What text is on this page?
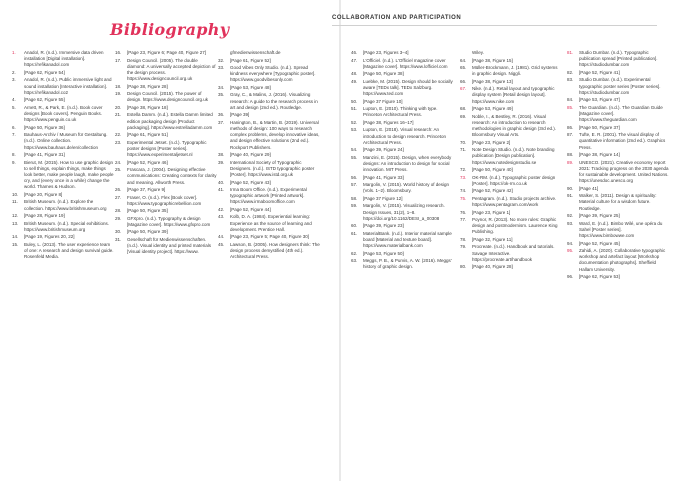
Bibliography
COLLABORATION AND PARTICIPATION
1.	Anadol, R. (n.d.). Immersive data driven installation [Digital installation]. https://refikanadol.com
2.	[Page 62, Figure 54]
3.	Anadol, R. (n.d.). Public immersive light and sound installation [Interactive installation]. https://refikanadol.co2
4.	[Page 62, Figure 55]
5.	Arnett, R., & Park, E. (n.d.). Book cover designs [Book covers]. Penguin Books. https://www.penguin.co.uk
6.	[Page 50, Figure 36]
7.	Bauhaus-Archiv / Museum für Gestaltung. (n.d.). Online collection. https://www.bauhaus.de/en/collection
8.	[Page 41, Figure 31]
9.	Bierut, M. (2015). How to use graphic design to sell things, explain things, make things look better, make people laugh, make people cry, and (every once in a while) change the world. Thames & Hudson.
10.	[Page 20, Figure 8]
11.	British Museum. (n.d.). Explore the collection. https://www.britishmuseum.org
12.	[Page 28, Figure 19]
13.	British Museum. (n.d.). Special exhibitions. https://www.britishmuseum.org
14.	[Page 19, Figures 20, 22]
15.	Buley, L. (2013). The user experience team of one: A research and design survival guide. Rosenfeld Media.
16.	[Page 23, Figure 6; Page 40, Figure 27]
17.	Design Council. (2005). The double diamond: A universally accepted depiction of the design process. https://www.designcouncil.org.uk
18.	[Page 38, Figure 28]
19.	Design Council. (2015). The power of design. https://www.designcouncil.org.uk
20.	[Page 38, Figure 18]
21.	Estella Damm. (n.d.). Estella Damm limited edition packaging design [Product packaging]. https://www.estrelladamm.com
22.	[Page 61, Figure 51]
23.	Experimental Jetset. (n.d.). Typographic poster designs [Poster series]. https://www.experimentaljetset.nl
24.	[Page 52, Figure 46]
25.	Frascara, J. (2004). Designing effective communications: Creating contexts for clarity and meaning. Allworth Press.
26.	[Page 37, Figure 9]
27.	Fraser, O. (n.d.). Flex [Book cover]. https://www.typographicrebellion.com
28.	[Page 50, Figure 35]
29.	GFXpro. (n.d.). Typography & design [Magazine cover]. https://www.gfxpro.com
30.	[Page 50, Figure 39]
31.	Gesellschaft für Medienwissenschaften. (n.d.). Visual identity and printed materials [Visual identity project]. https://www.
gfmedienwissenschaft.de
32.	[Page 61, Figure 52]
33.	Good Vibes Only Studio. (n.d.). Spread kindness everywhere [Typographic poster]. https://www.goodvibesonly.com
34.	[Page 53, Figure 48]
35.	Gray, C., & Malins, J. (2016). Visualizing research: A guide to the research process in art and design (2nd ed.). Routledge.
36.	[Page 39]
37.	Hanington, B., & Martin, B. (2019). Universal methods of design: 100 ways to research complex problems, develop innovative ideas, and design effective solutions (2nd ed.). Rockport Publishers.
38.	[Page 40, Figure 29]
39.	International Society of Typographic Designers. (n.d.). ISTD typographic poster [Poster]. https://www.istd.org.uk
40.	[Page 52, Figure 43]
41.	Irma Boom Office. (n.d.). Experimental typographic artwork [Printed artwork]. https://www.irmaboomoffice.com
42.	[Page 52, Figure 44]
43.	Kolb, D. A. (1984). Experiential learning: Experience as the source of learning and development. Prentice Hall.
44.	[Page 23, Figure 5; Page 40, Figure 30]
45.	Lawson, B. (2005). How designers think: The design process demystified (4th ed.). Architectural Press.
46.	[Page 23, Figures 3–4]
47.	L'Officiel. (n.d.). L'Officiel magazine cover [Magazine cover]. https://www.lofficiel.com
48.	[Page 50, Figure 38]
49.	Luebke, M. (2015). Design should be socially aware [TEDx talk]. TEDx Salzburg. https://www.ted.com
50.	[Page 37 Figure 10]
51.	Lupton, E. (2010). Thinking with type. Princeton Architectural Press.
52.	[Page 38, Figures 16–17]
53.	Lupton, E. (2018). Visual research: An introduction to design research. Princeton Architectural Press.
54.	[Page 39, Figure 24]
55.	Manzini, E. (2015). Design, when everybody designs: An introduction to design for social innovation. MIT Press.
56.	[Page 41, Figure 33]
57.	Margolin, V. (2015). World history of design (Vols. 1–2). Bloomsbury.
58.	[Page 37 Figure 12]
59.	Margolin, V. (2015). Visualizing research. Design Issues, 31(2), 1–8. https://doi.org/10.1162/DESI_a_00308
60.	[Page 39, Figure 23]
61.	MaterialBank. (n.d.). Interior material sample board [Material and texture board]. https://www.materialbank.com
62.	[Page 53, Figure 50]
63.	Meggs, P. B., & Purvis, A. W. (2016). Meggs' history of graphic design.
Wiley.
64.	[Page 38, Figure 15]
65.	Müller-Brockmann, J. (1981). Grid systems in graphic design. Niggli.
66.	[Page 38, Figure 13]
67.	Nike. (n.d.). Retail layout and typographic display system [Retail design layout]. https://www.nike.com
68.	[Page 53, Figure 49]
69.	Noble, I., & Bestley, R. (2016). Visual research: An introduction to research methodologies in graphic design (3rd ed.). Bloomsbury Visual Arts.
70.	[Page 23, Figure 2]
71.	Note Design Studio. (n.d.). Note branding publication [Design publication]. https://www.notedesignstudio.se
72.	[Page 50, Figure 40]
73.	OK-RM. (n.d.). Typographic poster design [Poster]. https://ok-rm.co.uk
74.	[Page 52, Figure 42]
75.	Pentagram. (n.d.). Studio projects archive. https://www.pentagram.com/work
76.	[Page 23, Figure 1]
77.	Poynor, R. (2013). No more rules: Graphic design and postmodernism. Laurence King Publishing.
78.	[Page 32, Figure 11]
79.	Procreate. (n.d.). Handbook and tutorials. Savage Interactive. https://procreate.art/handbook
80.	[Page 40, Figure 28]
81.	Studio Dumbar. (n.d.). Typographic publication spread [Printed publication]. https://studiodumbar.com
82.	[Page 52, Figure 41]
83.	Studio Dumbar. (n.d.). Experimental typographic poster series [Poster series]. https://studiodumbar.com
84.	[Page 53, Figure 47]
85.	The Guardian. (n.d.). The Guardian Guide [Magazine cover]. https://www.theguardian.com
86.	[Page 50, Figure 37]
87.	Tufte, E. R. (2001). The visual display of quantitative information (2nd ed.). Graphics Press.
88.	[Page 38, Figure 14]
89.	UNESCO. (2021). Creative economy report 2021: Tracking progress on the 2030 agenda for sustainable development. United Nations. https://unesdoc.unesco.org
90.	[Page 41]
91.	Walker, S. (2011). Design & spirituality: Material culture for a wisdom future. Routledge.
92.	[Page 39, Figure 25]
93.	Ward, E. (n.d.). Bimbo Wilé, une opéra du Sahel [Poster series]. https://www.bimbowwe.com
94.	[Page 52, Figure 45]
95.	Zahidi, A. (2020). Collaborative typographic workshop and artefact layout [Workshop documentation photographs]. Sheffield Hallam University.
96.	[Page 62, Figure 53]
